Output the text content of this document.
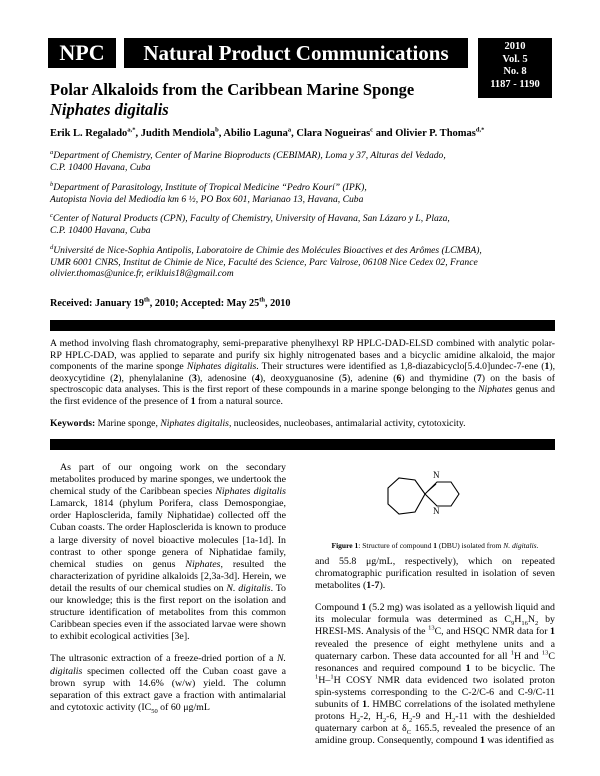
NPC	Natural Product Communications	2010
Vol. 5
No. 8
1187 - 1190
Polar Alkaloids from the Caribbean Marine Sponge
Niphates digitalis
Erik L. Regalado$^{a,*}$, Judith Mendiola$^b$, Abilio Laguna$^a$, Clara Nogueiras$^c$ and Olivier P. Thomas$^{d,*}$

$^a$Department of Chemistry, Center of Marine Bioproducts (CEBIMAR), Loma y 37, Alturas del Vedado,
C.P. 10400 Havana, Cuba

$^b$Department of Parasitology, Institute of Tropical Medicine “Pedro Kourí” (IPK),
Autopista Novia del Mediodía km 6 ½, PO Box 601, Marianao 13, Havana, Cuba

$^c$Center of Natural Products (CPN), Faculty of Chemistry, University of Havana, San Lázaro y L, Plaza,
C.P. 10400 Havana, Cuba

$^d$Université de Nice-Sophia Antipolis, Laboratoire de Chimie des Molécules Bioactives et des Arômes (LCMBA),
UMR 6001 CNRS, Institut de Chimie de Nice, Faculté des Science, Parc Valrose, 06108 Nice Cedex 02, France

olivier.thomas@unice.fr, erikluis18@gmail.com
Received: January 19th, 2010; Accepted: May 25th, 2010

A method involving flash chromatography, semi-preparative phenylhexyl RP HPLC-DAD-ELSD combined with analytic polar-RP HPLC-DAD, was applied to separate and purify six highly nitrogenated bases and a bicyclic amidine alkaloid, the major components of the marine sponge Niphates digitalis. Their structures were identified as 1,8-diazabicyclo[5.4.0]undec-7-ene (1), deoxycytidine (2), phenylalanine (3), adenosine (4), deoxyguanosine (5), adenine (6) and thymidine (7) on the basis of spectroscopic data analyses. This is the first report of these compounds in a marine sponge belonging to the Niphates genus and the first evidence of the presence of 1 from a natural source.

Keywords: Marine sponge, Niphates digitalis, nucleosides, nucleobases, antimalarial activity, cytotoxicity.

As part of our ongoing work on the secondary metabolites produced by marine sponges, we undertook the chemical study of the Caribbean species Niphates digitalis Lamarck, 1814 (phylum Porifera, class Demospongiae, order Haplosclerida, family Niphatidae) collected off the Cuban coasts. The order Haplosclerida is known to produce a large diversity of novel bioactive molecules [1a-1d]. In contrast to other sponge genera of Niphatidae family, chemical studies on genus Niphates, resulted the characterization of pyridine alkaloids [2,3a-3d]. Herein, we detail the results of our chemical studies on N. digitalis. To our knowledge; this is the first report on the isolation and structure identification of metabolites from this common Caribbean species even if the associated larvae were shown to exhibit ecological activities [3e].

The ultrasonic extraction of a freeze-dried portion of a N. digitalis specimen collected off the Cuban coast gave a brown syrup with 14.6% (w/w) yield. The column separation of this extract gave a fraction with antimalarial and cytotoxic activity ($IC_{50}$ of 60 μg/mL

N
N
Figure 1: Structure of compound 1 (DBU) isolated from N. digitalis.

and 55.8 μg/mL, respectively), which on repeated chromatographic purification resulted in isolation of seven metabolites (1-7).

Compound 1 (5.2 mg) was isolated as a yellowish liquid and its molecular formula was determined as $C_9H_{16}N_2$ by HRESI-MS. Analysis of the $^{13}$C, and HSQC NMR data for 1 revealed the presence of eight methylene units and a quaternary carbon. These data accounted for all $^1$H and $^{13}$C resonances and required compound 1 to be bicyclic. The $^1$H–$^1$H COSY NMR data evidenced two isolated proton spin-systems corresponding to the C-2/C-6 and C-9/C-11 subunits of 1. HMBC correlations of the isolated methylene protons $H_2-2$, $H_2-6$, $H_2-9$ and $H_2-11$ with the deshielded quaternary carbon at $\delta_C$ 165.5, revealed the presence of an amidine group. Consequently, compound 1 was identified as
